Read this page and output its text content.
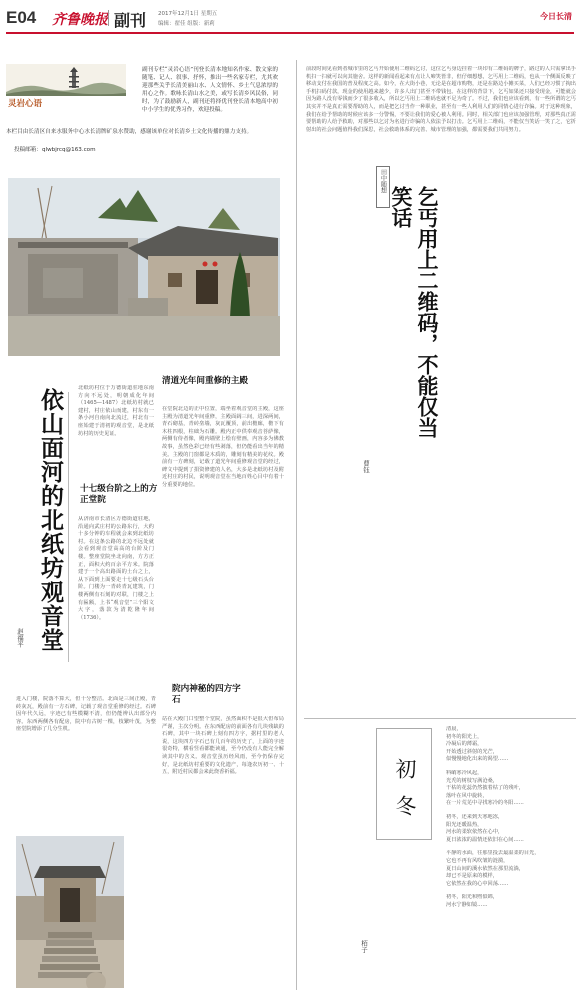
E04 齐鲁晚报 副刊 2017年12月1日 星期五
编辑：翟佳 组版：新莉
今日长清
灵岩心语
副刊专栏“灵岩心语”刊登长清本地知名作家、散文家的随笔、记人、叙事、抒怀，推出一些名家专栏，尤其欢迎那些关乎长清美丽山水、人文情怀、乡土气息浓厚的用心之作。歌咏长清山水之美，或写长清乡风民俗，同时，为了鼓励新人，副刊还将择优刊登长清本地高中初中小学生的优秀习作，欢迎投稿。
本栏目由长清区自来水服务中心水长清牌矿泉水赞助，感谢该单位对长清乡土文化传播的鼎力支持。
投稿邮箱：qlwbjrcq@163.com
依山面河的北纸坊观音堂
赵福平
北纸坊村位于万德街道驻地东南方向不远处，明朝成化年间（1465—1487）北纸坊村就已建村，村庄依山而建，村东有一条小河自南向北流过，村北有一座始建于清初的观音堂，是北纸坊村的历史见证。
十七级台阶之上的方正堂院
从济南市长清区万德街道驻地，沿通向武庄村的公路东行，大约十多分钟的车程就会来到北纸坊村。在这条公路的北边不远处就会看到观音堂高高的台阶及门楼。整座堂院坐北向南，方方正正，面积大约百余平方米。院落建于一个高出路面的土台之上，从下面到上面要走十七级石头台阶。门楼为一青砖青瓦建筑，门楼两侧有石刻的对联，门楼之上有匾额，上书“观音堂”三个阳文大字，落款为清乾隆年间（1736）。
进入门楼，院落不算大，但十分整洁。北面是三间正殿，青砖灰瓦，殿前有一方石碑，记载了观音堂重修的经过。石碑因年代久远，字迹已有些模糊不清，但仍能辨认出部分内容。东西两侧各有配房，院中有古树一棵，枝繁叶茂，为整座堂院增添了几分生机。
清道光年间重修的主殿
在堂院北边的正中位置，端坐着观音堂的主殿，这座主殿为清道光年间重修，主殿面阔三间，进深两间，青石砌基，青砖垒墙，灰瓦覆顶，前出檐廊，檐下有木柱四根，柱础为石雕。殿内正中供奉观音菩萨像，两侧有侍者像，殿内墙壁上绘有壁画，内容多为佛教故事，虽然色彩已经有些剥落，但仍能看出当年的精美。主殿的门窗都是木质的，雕刻有精美的花纹。殿前有一方碑刻，记载了道光年间重修观音堂的经过，碑文中提到了捐资修建的人名，大多是北纸坊村及附近村庄的村民，说明观音堂在当地百姓心目中有着十分重要的地位。
院内神秘的四方字石
站在大殿门口望整个堂院，虽然面积不是很大但布局严谨，主次分明。在东西配房的前面各有几块残缺的石碑，其中一块石碑上刻有四方字，据村里的老人说，这块四方字石已有几百年的历史了，上面的字迹很奇特，横看竖看都能读通，至今仍没有人能完全解读其中的含义。观音堂虽历经风雨，至今仍保存完好，是北纸坊村重要的文化遗产，每逢农历初一、十五，附近村民都会来此烧香祈福。
田中随想
乞丐用上二维码，不能仅当笑话
曹钰
前段时间见看到者城市里的乞丐开始使用二维码乞讨，这位乞丐身边挂着一块印有二维码的牌子，路过的人只需拿出手机扫一扫就可以向其施舍。这样的新闻看起来有点让人啼笑皆非，但仔细想想，乞丐用上二维码，也从一个侧面反映了移动支付在我国的普及程度之高。如今，在大街小巷，无论是在超市购物，还是在路边小摊买菜，人们已经习惯了掏出手机扫码付款，现金的使用越来越少，许多人出门甚至不带钱包。在这样的背景下，乞丐如果还只接受现金，可能就会因为路人没有零钱而少了很多收入，所以乞丐用上二维码也就不足为奇了。不过，我们也应该看到，有一些所谓的乞丐其实并不是真正需要帮助的人，而是把乞讨当作一种职业，甚至有一些人利用人们的同情心进行诈骗。对于这种现象，我们在给予帮助的时候应该多一分警惕，不要让我们的爱心被人利用。同时，相关部门也应该加强管理，对那些真正需要帮助的人给予救助，对那些以乞讨为名进行诈骗的人依法予以打击。乞丐用上二维码，不能仅当笑话一笑了之，它折射出的社会问题值得我们深思，社会救助体系的完善、城市管理的加强，都需要我们共同努力。
初冬
栢子
清晨，
初冬的阳光上，
冷凝后的薄霜，
开始透过斜射的光芒，
似慢慢地化出来的渴望……
料峭寒冷风起，
光秃的树枝写满沧桑，
干枯的花蕊仍然披着枯了的残叶，
落叶在风中旋转，
在一片荒芜中寻找寒冷的冬阳……
初冬，还来到天寒地冻，
阳光还暖温热，
河水的柔软依然在心中，
夏日浓浓的温情还依旧在心间……
平静的水面，往那里投去最温柔的目光，
它也不再有风吹皱的涟漪，
夏日山间的溪水依然在那里流淌，
却已不是原来的模样，
它依然在我的心中回荡……
初冬，阳光和煦似锦，
河水宁静如镜……
